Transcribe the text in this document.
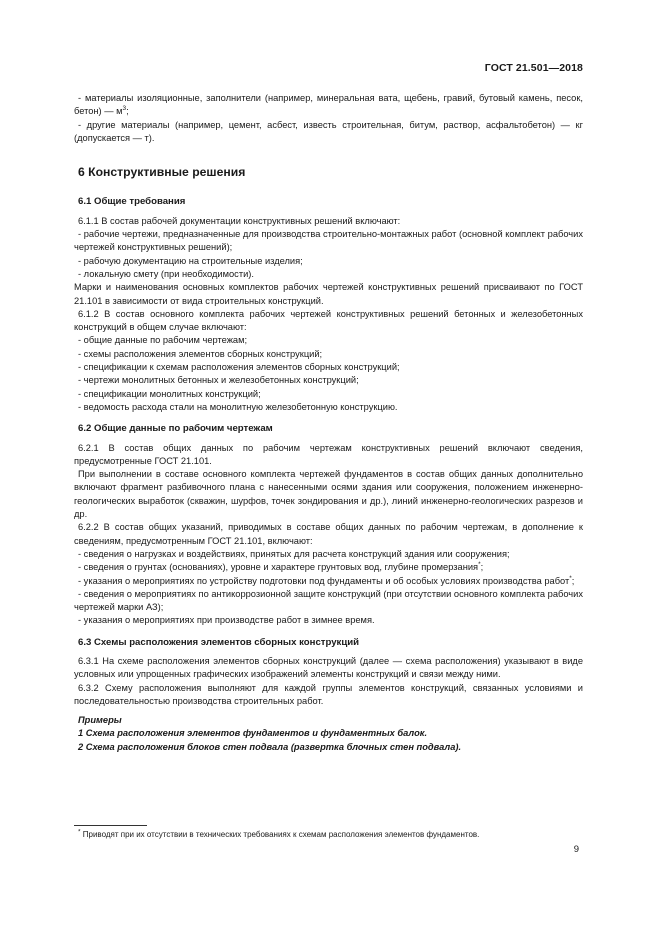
ГОСТ 21.501—2018

- материалы изоляционные, заполнители (например, минеральная вата, щебень, гравий, бутовый камень, песок, бетон) — $м^3$;

- другие материалы (например, цемент, асбест, известь строительная, битум, раствор, асфальтобетон) — кг (допускается — т).

6 Конструктивные решения

6.1 Общие требования

6.1.1 В состав рабочей документации конструктивных решений включают:

- рабочие чертежи, предназначенные для производства строительно-монтажных работ (основной комплект рабочих чертежей конструктивных решений);

- рабочую документацию на строительные изделия;

- локальную смету (при необходимости).

Марки и наименования основных комплектов рабочих чертежей конструктивных решений присваивают по ГОСТ 21.101 в зависимости от вида строительных конструкций.

6.1.2 В состав основного комплекта рабочих чертежей конструктивных решений бетонных и железобетонных конструкций в общем случае включают:

- общие данные по рабочим чертежам;

- схемы расположения элементов сборных конструкций;

- спецификации к схемам расположения элементов сборных конструкций;

- чертежи монолитных бетонных и железобетонных конструкций;

- спецификации монолитных конструкций;

- ведомость расхода стали на монолитную железобетонную конструкцию.

6.2 Общие данные по рабочим чертежам

6.2.1 В состав общих данных по рабочим чертежам конструктивных решений включают сведения, предусмотренные ГОСТ 21.101.

При выполнении в составе основного комплекта чертежей фундаментов в состав общих данных дополнительно включают фрагмент разбивочного плана с нанесенными осями здания или сооружения, положением инженерно-геологических выработок (скважин, шурфов, точек зондирования и др.), линий инженерно-геологических разрезов и др.

6.2.2 В состав общих указаний, приводимых в составе общих данных по рабочим чертежам, в дополнение к сведениям, предусмотренным ГОСТ 21.101, включают:

- сведения о нагрузках и воздействиях, принятых для расчета конструкций здания или сооружения;

- сведения о грунтах (основаниях), уровне и характере грунтовых вод, глубине промерзания*;

- указания о мероприятиях по устройству подготовки под фундаменты и об особых условиях производства работ*;

- сведения о мероприятиях по антикоррозионной защите конструкций (при отсутствии основного комплекта рабочих чертежей марки АЗ);

- указания о мероприятиях при производстве работ в зимнее время.

6.3 Схемы расположения элементов сборных конструкций

6.3.1 На схеме расположения элементов сборных конструкций (далее — схема расположения) указывают в виде условных или упрощенных графических изображений элементы конструкций и связи между ними.

6.3.2 Схему расположения выполняют для каждой группы элементов конструкций, связанных условиями и последовательностью производства строительных работ.

Примеры

1 Схема расположения элементов фундаментов и фундаментных балок.

2 Схема расположения блоков стен подвала (развертка блочных стен подвала).

* Приводят при их отсутствии в технических требованиях к схемам расположения элементов фундаментов.
9
